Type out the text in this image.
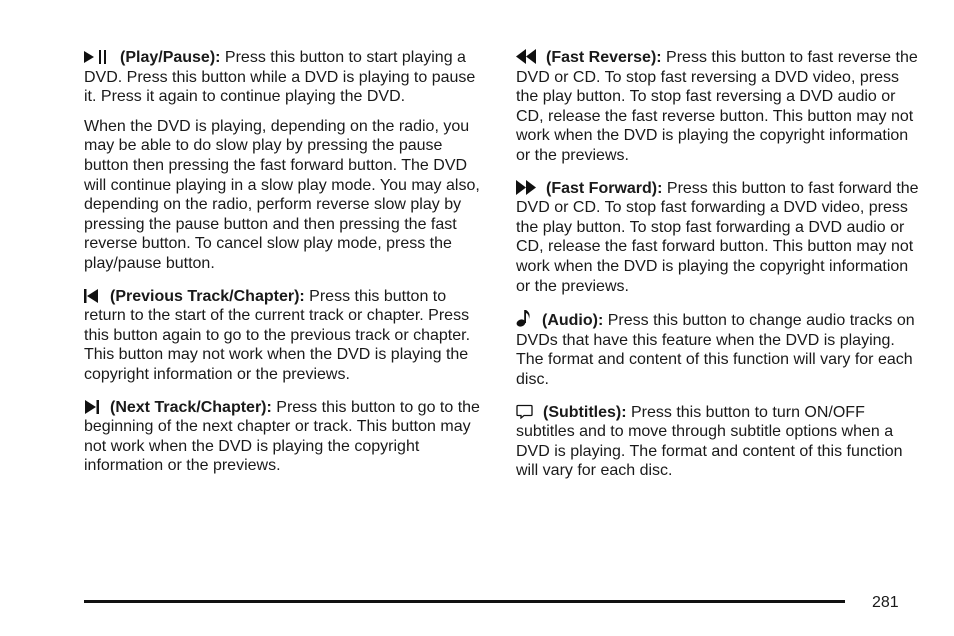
(Play/Pause): Press this button to start playing a DVD. Press this button while a DVD is playing to pause it. Press it again to continue playing the DVD.

When the DVD is playing, depending on the radio, you may be able to do slow play by pressing the pause button then pressing the fast forward button. The DVD will continue playing in a slow play mode. You may also, depending on the radio, perform reverse slow play by pressing the pause button and then pressing the fast reverse button. To cancel slow play mode, press the play/pause button.

(Previous Track/Chapter): Press this button to return to the start of the current track or chapter. Press this button again to go to the previous track or chapter. This button may not work when the DVD is playing the copyright information or the previews.

(Next Track/Chapter): Press this button to go to the beginning of the next chapter or track. This button may not work when the DVD is playing the copyright information or the previews.

(Fast Reverse): Press this button to fast reverse the DVD or CD. To stop fast reversing a DVD video, press the play button. To stop fast reversing a DVD audio or CD, release the fast reverse button. This button may not work when the DVD is playing the copyright information or the previews.

(Fast Forward): Press this button to fast forward the DVD or CD. To stop fast forwarding a DVD video, press the play button. To stop fast forwarding a DVD audio or CD, release the fast forward button. This button may not work when the DVD is playing the copyright information or the previews.

(Audio): Press this button to change audio tracks on DVDs that have this feature when the DVD is playing. The format and content of this function will vary for each disc.

(Subtitles): Press this button to turn ON/OFF subtitles and to move through subtitle options when a DVD is playing. The format and content of this function will vary for each disc.

281
